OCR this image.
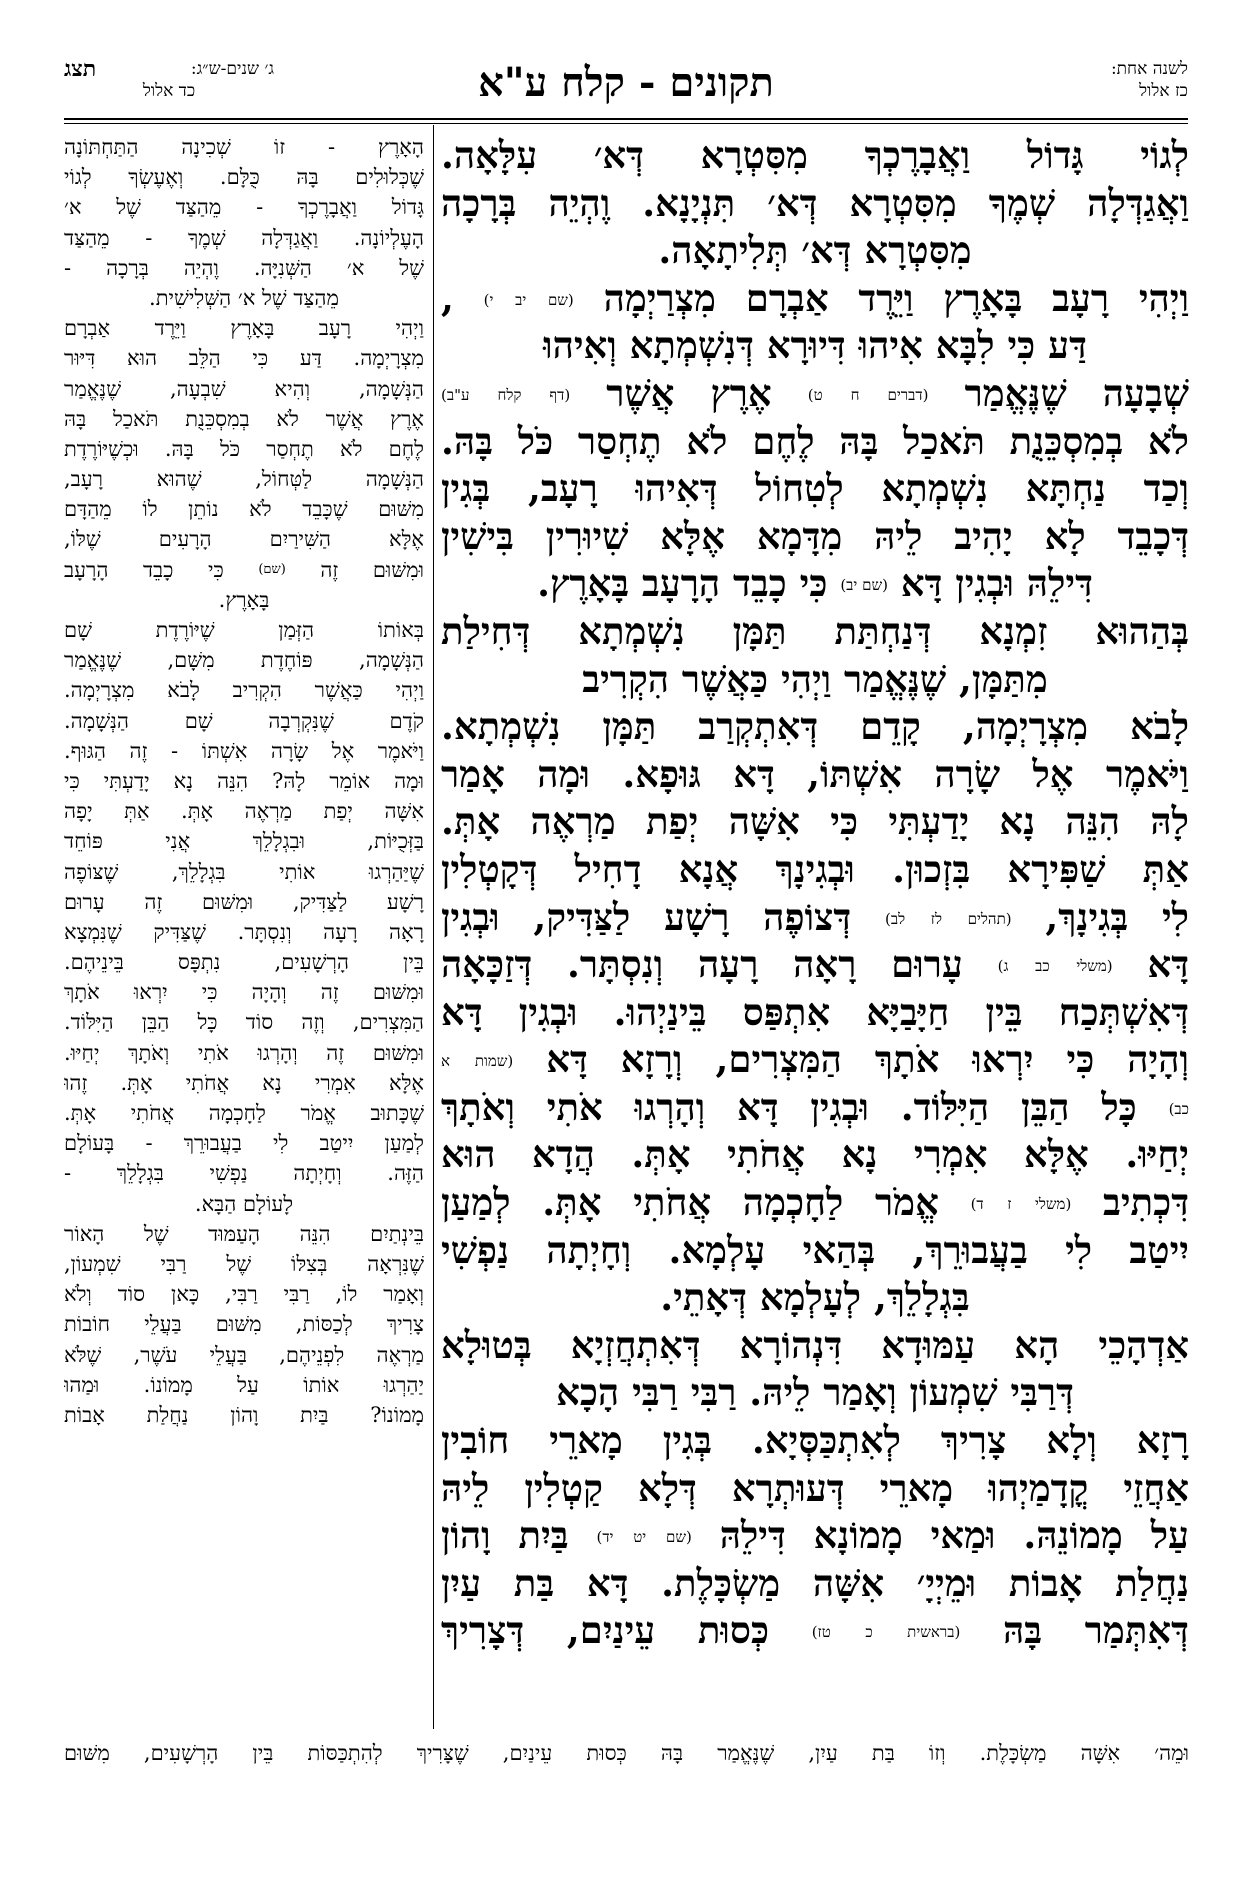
לשנה אחת:
כז אלול
תקונים - קלח ע"א
ג׳ שנים-ש״ג:
תצג
כד אלול
לְגוֹי גָּדוֹל וַאֲבָרֶכְךָ מִסִּטְרָא דְּא׳ עִלָּאָה.
וַאֲגַדְּלָה שְׁמֶךָ מִסִּטְרָא דְּא׳ תִּנְיָנָא. וֶהְיֵה בְּרָכָה
מִסִּטְרָא דְּא׳ תְּלִיתָאָה.
וַיְהִי רָעָב בָּאָרֶץ וַיֵּרֶד אַבְרָם מִצְרַיְמָה (שם יב י) ,
דַּע כִּי לִבָּא אִיהוּ דִּיוּרָא דְּנִשְׁמְתָא וְאִיהוּ
שְׁבָעָה שֶׁנֶּאֱמַר (דברים ח ט) אֶרֶץ אֲשֶׁר (דף קלח ע"ב)
לֹא בְמִסְכֵּנֻת תֹּאכַל בָּהּ לֶחֶם לֹא תֶחְסַר כֹּל בָּהּ.
וְכַד נַחְתָּא נִשְׁמְתָא לְטִחוֹל דְּאִיהוּ רָעָב, בְּגִין
דְּכָבֵד לָא יָהִיב לֵיהּ מִדָּמָא אֶלָּא שִׁיוּרִין בִּישִׁין
דִּילֵהּ וּבְגִין דָּא (שם יב) כִּי כָבֵד הָרָעָב בָּאָרֶץ.
בְּהַהוּא זִמְנָא דְּנַחְתַּת תַּמָּן נִשְׁמְתָא דְּחִילַת
מִתַּמָּן, שֶׁנֶּאֱמַר וַיְהִי כַּאֲשֶׁר הִקְרִיב
לָבֹא מִצְרָיְמָה, קָדֵם דְּאִתְקְרַב תַּמָּן נִשְׁמְתָא.
וַיֹּאמֶר אֶל שָׂרָה אִשְׁתּוֹ, דָּא גּוּפָא. וּמָה אָמַר
לָהּ הִנֵּה נָא יָדַעְתִּי כִּי אִשָּׁה יְפַת מַרְאֶה אָתְּ.
אַתְּ שַׁפִּירָא בִּזְכוּן. וּבְגִינָךְ אֲנָא דָחִיל דְּקָטְלִין
לִי בְּגִינָךְ, (תהלים לז לב) דְּצוֹפֶה רָשָׁע לַצַּדִּיק, וּבְגִין
דָּא (משלי כב ג) עָרוּם רָאָה רָעָה וְנִסְתָּר. דְּזַכָּאָה
דְּאִשְׁתְּכַח בֵּין חַיָּבַיָּא אִתְפַּס בֵּינַיְהוּ. וּבְגִין דָּא
וְהָיָה כִּי יִרְאוּ אֹתָךְ הַמִּצְרִים, וְרָזָא דָּא (שמות א
כב) כָּל הַבֵּן הַיִּלּוֹד. וּבְגִין דָּא וְהָרְגוּ אֹתִי וְאֹתָךְ
יְחַיּוּ. אֶלָּא אִמְרִי נָא אֲחֹתִי אָתְּ. הֲדָא הוּא
דִּכְתִיב (משלי ז ד) אֱמֹר לַחָכְמָה אֲחֹתִי אָתְּ. לְמַעַן
יִיטַב לִי בַעֲבוּרֵךְ, בְּהַאי עָלְמָא. וְחָיְתָה נַפְשִׁי
בִּגְלָלֵךְ, לְעָלְמָא דְּאָתֵי.
אַדְהָכֵי הָא עַמּוּדָא דִּנְהוֹרָא דְּאִתְחֲזְיָא בְּטוּלָא
דְּרַבִּי שִׁמְעוֹן וְאָמַר לֵיהּ. רַבִּי רַבִּי הָכָא
רָזָא וְלָא צָרִיךְ לְאִתְכַּסְּיָא. בְּגִין מָארֵי חוֹבִין
אַחֲזֵי קֳדָמַיְהוּ מָארֵי דְּעוּתְרָא דְּלָא קַטְלִין לֵיהּ
עַל מָמוֹנֵהּ. וּמַאי מָמוֹנָא דִּילֵהּ (שם יט יד) בַּיִת וָהוֹן
נַחֲלַת אָבוֹת וּמֵיְיָ׳ אִשָּׁה מַשְׂכָּלֶת. דָּא בַּת עַיִן
דְּאִתְּמַר בָּהּ (בראשית כ טז) כְּסוּת עֵינַיִם, דְּצָרִיךְ
הָאָרֶץ - זוֹ שְׁכִינָה הַתַּחְתּוֹנָה
שֶׁכְּלוּלִים בָּהּ כֻּלָּם. וְאֶעֶשְׂךָ לְגוֹי
גָּדוֹל וַאֲבָרֶכְךָ - מֵהַצַּד שֶׁל א׳
הָעֶלְיוֹנָה. וַאֲגַדְּלָה שְׁמֶךָ - מֵהַצַּד
שֶׁל א׳ הַשְּׁנִיָּה. וֶהְיֵה בְּרָכָה -
מֵהַצַּד שֶׁל א׳ הַשְּׁלִישִׁית.
וַיְהִי רָעָב בָּאָרֶץ וַיֵּרֶד אַבְרָם
מִצְרָיְמָה. דַּע כִּי הַלֵּב הוּא דִּיּוּר
הַנְּשָׁמָה, וְהִיא שִׁבְעָה, שֶׁנֶּאֱמַר
אֶרֶץ אֲשֶׁר לֹא בְמִסְכֵּנֻת תֹּאכַל בָּהּ
לֶחֶם לֹא תֶחְסַר כֹּל בָּהּ. וּכְשֶׁיּוֹרֶדֶת
הַנְּשָׁמָה לַטְּחוֹל, שֶׁהוּא רָעָב,
מִשּׁוּם שֶׁכָּבֵד לֹא נוֹתֵן לוֹ מֵהַדָּם
אֶלָּא הַשִּׁירַיִם הָרָעִים שֶׁלּוֹ,
וּמִשּׁוּם זֶה (שם) כִּי כָבֵד הָרָעָב
בָּאָרֶץ.
בְּאוֹתוֹ הַזְּמַן שֶׁיּוֹרֶדֶת שָׁם
הַנְּשָׁמָה, פּוֹחֶדֶת מִשָּׁם, שֶׁנֶּאֱמַר
וַיְהִי כַּאֲשֶׁר הִקְרִיב לָבֹא מִצְרָיְמָה.
קֹדֶם שֶׁנִּקְרְבָה שָׁם הַנְּשָׁמָה.
וַיֹּאמֶר אֶל שָׂרָה אִשְׁתּוֹ - זֶה הַגּוּף.
וּמָה אוֹמֵר לָהּ? הִנֵּה נָא יָדַעְתִּי כִּי
אִשָּׁה יְפַת מַרְאֶה אָתְּ. אַתְּ יָפָה
בַּזְּכֻיּוֹת, וּבִגְלָלֵךְ אֲנִי פּוֹחֵד
שֶׁיַּהַרְגוּ אוֹתִי בִּגְלָלֵךְ, שֶׁצּוֹפֶה
רָשָׁע לַצַּדִּיק, וּמִשּׁוּם זֶה עָרוּם
רָאָה רָעָה וְנִסְתָּר. שֶׁצַּדִּיק שֶׁנִּמְצָא
בֵּין הָרְשָׁעִים, נִתְפָּס בֵּינֵיהֶם.
וּמִשּׁוּם זֶה וְהָיָה כִּי יִרְאוּ אֹתָךְ
הַמִּצְרִים, וְזֶה סוֹד כָּל הַבֵּן הַיִּלּוֹד.
וּמִשּׁוּם זֶה וְהָרְגוּ אֹתִי וְאֹתָךְ יְחַיּוּ.
אֶלָּא אִמְרִי נָא אֲחֹתִי אָתְּ. זֶהוּ
שֶׁכָּתוּב אֱמֹר לַחָכְמָה אֲחֹתִי אָתְּ.
לְמַעַן יִיטַב לִי בַעֲבוּרֵךְ - בָּעוֹלָם
הַזֶּה. וְחָיְתָה נַפְשִׁי בִּגְלָלֵךְ -
לָעוֹלָם הַבָּא.
בֵּינְתַיִם הִנֵּה הָעַמּוּד שֶׁל הָאוֹר
שֶׁנִּרְאָה בְּצִלּוֹ שֶׁל רַבִּי שִׁמְעוֹן,
וְאָמַר לוֹ, רַבִּי רַבִּי, כָּאן סוֹד וְלֹא
צָרִיךְ לְכַסּוֹת, מִשּׁוּם בַּעֲלֵי חוֹבוֹת
מַרְאֶה לִפְנֵיהֶם, בַּעֲלֵי עֹשֶׁר, שֶׁלֹּא
יַהַרְגוּ אוֹתוֹ עַל מָמוֹנוֹ. וּמַהוּ
מָמוֹנוֹ? בַּיִת וָהוֹן נַחֲלַת אָבוֹת
וּמֵה׳ אִשָּׁה מַשְׂכָּלֶת. וְזוֹ בַּת עַיִן, שֶׁנֶּאֱמַר בָּהּ כְּסוּת עֵינַיִם, שֶׁצָּרִיךְ לְהִתְכַּסּוֹת בֵּין הָרְשָׁעִים, מִשּׁוּם
